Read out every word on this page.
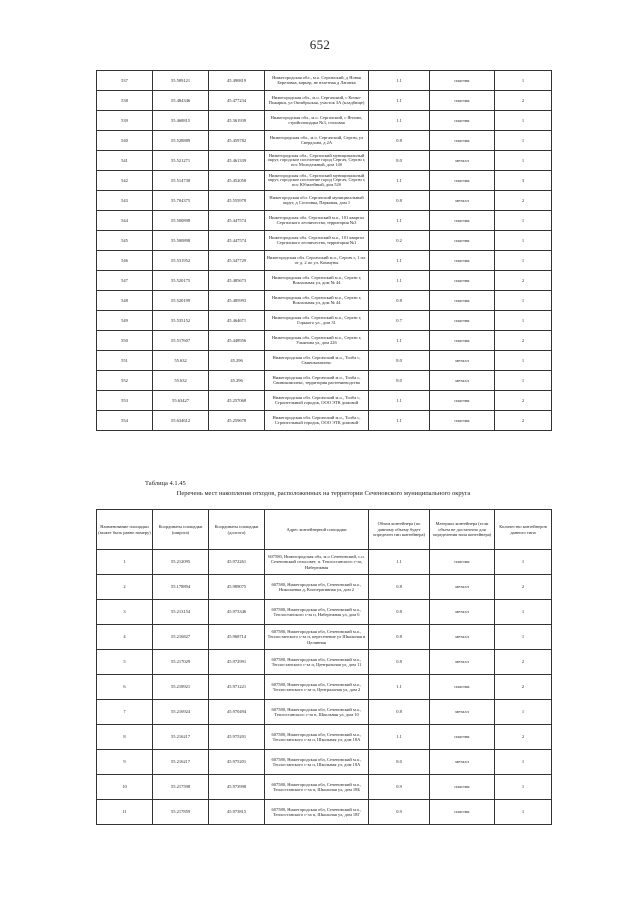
652
537	55.509121	45.490819	Нижегородская обл., м.о. Сергачский, д Новая Березовка, карьер, не взлетная д Лапатка	1.1	пластик	1
538	55.484346	45.477234	Нижегородская обл., м.о. Сергачский, с Кочко-Пожарки, ул Октябрьская, участок 3А (кладбище)	1.1	пластик	2
539	55.468815	45.361939	Нижегородская обл., м.о. Сергачский, с Янзово, стройплощадка №3, столовая	1.1	пластик	1
540	55.528889	45.459782	Нижегородская обл., м.о. Сергачский, Сергач, ул Свердлова, д 2А	0.8	пластик	1
541	55.521271	45.461339	Нижегородская обл., Сергачский муниципальный округ, городское поселение город Сергач, Сергач г, пос Молодежный, дом 14б	8.0	металл	1
542	55.514738	45.452058	Нижегородская обл., Сергачский муниципальный округ, городское поселение город Сергач, Сергач г, пос Юбилейный, дом 52б	1.1	пластик	3
543	55.704375	45.555978	Нижегородская обл. Сергачский муниципальный округ, д Сосновка, Парковая, дом 1	0.8	металл	2
544	55.500898	45.447574	Нижегородская обл. Сергачский м.о., 101 квартал Сергачского лесничества, территория №3	1.1	пластик	1
545	55.500898	45.447574	Нижегородская обл. Сергачский м.о., 101 квартал Сергачского лесничества, территория №1	0.2	пластик	1
546	55.531952	45.347729	Нижегородская обл. Сергачский м.о., Сергач г, 1 пл. от д. 2 по ул. Коммуны	1.1	пластик	1
547	55.520175	45.485673	Нижегородская обл. Сергачский м.о., Сергач г, Вокзальная ул, дом № 44	1.1	пластик	2
548	55.520199	45.485993	Нижегородская обл. Сергачский м.о., Сергач г, Вокзальная ул, дом № 44	0.8	пластик	1
549	55.535152	45.464671	Нижегородская обл. Сергачский м.о., Сергач г, Горького ул., дом 31	0.7	пластик	1
550	55.517607	45.448956	Нижегородская обл. Сергачский м.о., Сергач г, Ульянова ул, дом 22б	1.1	пластик	2
551	55.632	45.296	Нижегородская обл. Сергачский м.о., Толба с, Свинокомплекс	8.0	металл	1
552	55.632	45.296	Нижегородская обл. Сергачский м.о., Толба с, Свинокомплекс, территория растениеводства	8.0	металл	1
553	55.63427	45.257068	Нижегородская обл. Сергачский м.о., Толба с, Строительный городок, ООО ЭТК домовой	1.1	пластик	2
554	55.634612	45.259678	Нижегородская обл. Сергачский м.о., Толба с, Строительный городок, ООО ЭТК домовой	1.1	пластик	2
Таблица 4.1.45
Перечень мест накопления отходов, расположенных на территории Сеченовского муниципального округа
Наименование площадки (может быть равно номеру)	Координаты площадки (широта)	Координаты площадки (долгота)	Адрес контейнерной площадки	Объем контейнера (по данному объему будет определен тип контейнера)	Материал контейнера (если объем не достаточно для определения типа контейнера)	Количество контейнеров данного типа
1	55.212095	45.972261	607580, Нижегородская обл, м.о Сеченовский, с.п. Сеченовский сельсовет, п. Теплостанского с-за, Набережная	1.1	пластик	1
2	55.178894	45.989075	607580, Нижегородская обл, Сеченовский м.о., Николаевка д, Кооперативная ул, дом 2	0.8	металл	2
3	55.213154	45.973346	607580, Нижегородская обл, Сеченовский м.о., Теплостанского с-за п, Набережная ул, дом 6	0.8	металл	1
4	55.216827	45.968714	607580, Нижегородская обл, Сеченовский м.о., Теплостанского с-за п, пересечение ул Школьная и Целинная	0.8	металл	1
5	55.217029	45.972991	607580, Нижегородская обл, Сеченовский м.о., Теплостанского с-за п, Центральная ул, дом 11	0.8	металл	2
6	55.218921	45.971221	607580, Нижегородская обл, Сеченовский м.о., Теплостанского с-за п, Центральная ул, дом 2	1.1	пластик	2
7	55.216924	45.970494	607580, Нижегородская обл, Сеченовский м.о., Теплостанского с-за п, Школьная ул, дом 10	0.8	металл	1
8	55.216217	45.975201	607580, Нижегородская обл, Сеченовский м.о., Теплостанского с-за п, Школьная ул, дом 18А	1.1	пластик	2
9	55.216217	45.975201	607580, Нижегородская обл, Сеченовский м.о., Теплостанского с-за п, Школьная ул, дом 18А	8.0	металл	1
10	55.217598	45.973998	607580, Нижегородская обл, Сеченовский м.о., Теплостанского с-за п, Школьная ул, дом 18Б	0.9	пластик	1
11	55.217859	45.973815	607580, Нижегородская обл, Сеченовский м.о., Теплостанского с-за п, Школьная ул, дом 18Г	0.9	пластик	1
